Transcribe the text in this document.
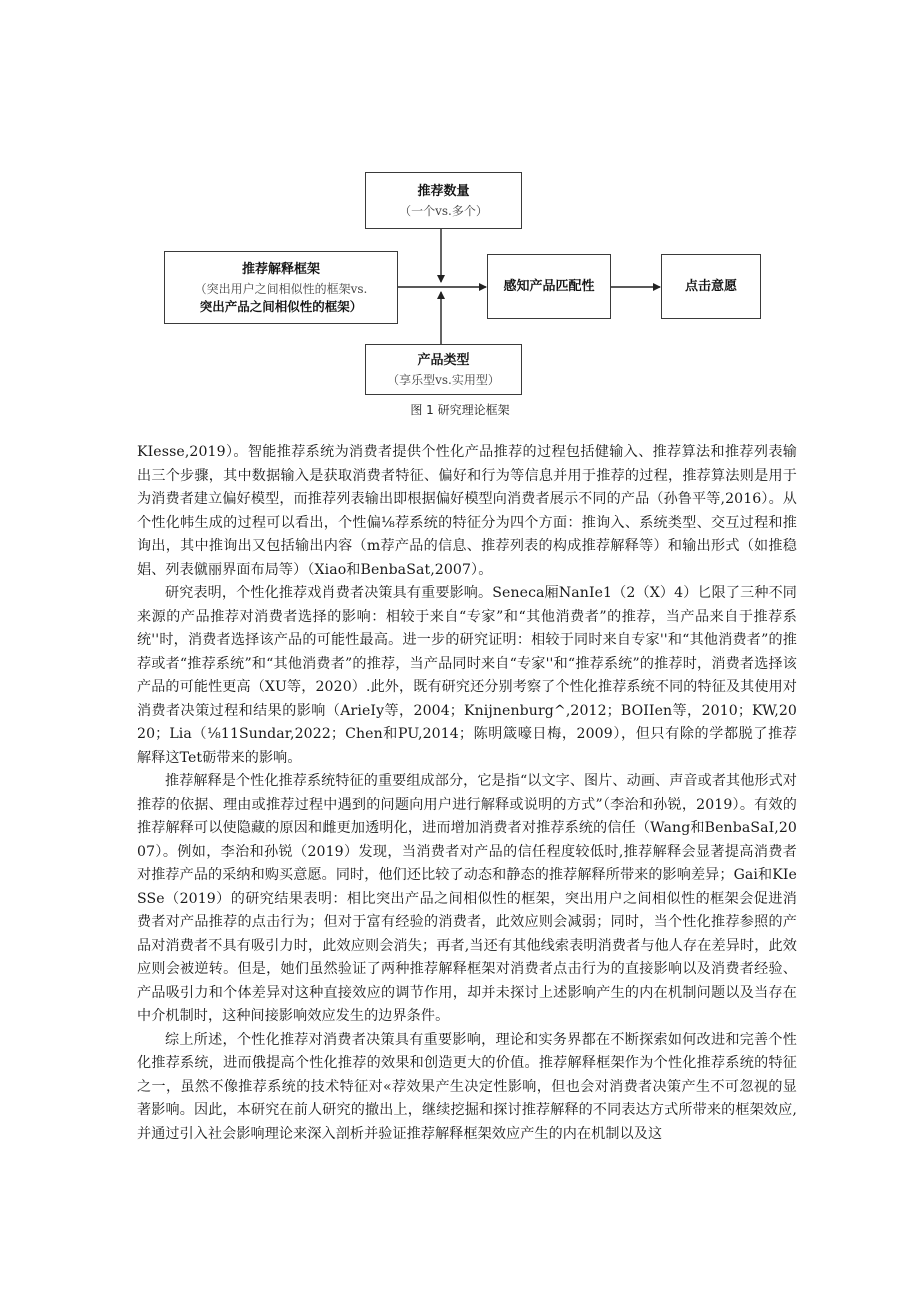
推荐数量
（一个vs.多个）
推荐解释框架
（突出用户之间相似性的框架vs.
突出产品之间相似性的框架）
感知产品匹配性	点击意愿
产品类型
（享乐型vs.实用型）
图 1 研究理论框架

KIesse,2019）。智能推荐系统为消费者提供个性化产品推荐的过程包括健输入、推荐算法和推荐列表输出三个步骤，其中数据输入是获取消费者特征、偏好和行为等信息并用于推荐的过程，推荐算法则是用于为消费者建立偏好模型，而推荐列表输出即根据偏好模型向消费者展示不同的产品（孙鲁平等,2016）。从个性化帏生成的过程可以看出，个性偏⅛荐系统的特征分为四个方面：推询入、系统类型、交互过程和推询出，其中推询出又包括输出内容（m荐产品的信息、推荐列表的构成推荐解释等）和输出形式（如推稳娼、列表僦丽界面布局等）（Xiao和BenbaSat,2007）。

研究表明，个性化推荐戏肖费者决策具有重要影响。Senecа厢NanIe1（2（X）4）匕限了三种不同来源的产品推荐对消费者选择的影响：相较于来自“专家”和“其他消费者”的推荐，当产品来自于推荐系统''时，消费者选择该产品的可能性最高。进一步的研究证明：相较于同时来自专家''和“其他消费者”的推荐或者“推荐系统”和“其他消费者”的推荐，当产品同时来自“专家''和“推荐系统”的推荐时，消费者选择该产品的可能性更高（XU等，2020）.此外，既有研究还分别考察了个性化推荐系统不同的特征及其使用对消费者决策过程和结果的影响（AriеIy等，2004；Knijnenburg^,2012；BOIIen等，2010；KW,2020；Lia（⅛11Sundar,2022；Chen和PU,2014；陈明箴嚎日梅，2009），但只有除的学都脱了推荐解释这Tet砺带来的影响。

推荐解释是个性化推荐系统特征的重要组成部分，它是指“以文字、图片、动画、声音或者其他形式对推荐的依据、理由或推荐过程中遇到的问题向用户进行解释或说明的方式”（李治和孙锐，2019）。有效的推荐解释可以使隐藏的原因和雌更加透明化，进而增加消费者对推荐系统的信任（Wang和BenbaSaI,2007）。例如，李治和孙锐（2019）发现，当消费者对产品的信任程度较低时,推荐解释会显著提高消费者对推荐产品的采纳和购买意愿。同时，他们还比较了动态和静态的推荐解释所带来的影响差异；Gai和KIeSSe（2019）的研究结果表明：相比突出产品之间相似性的框架，突出用户之间相似性的框架会促进消费者对产品推荐的点击行为；但对于富有经验的消费者，此效应则会减弱；同时，当个性化推荐参照的产品对消费者不具有吸引力时，此效应则会消失；再者,当还有其他线索表明消费者与他人存在差异时，此效应则会被逆转。但是，她们虽然验证了两种推荐解释框架对消费者点击行为的直接影响以及消费者经验、产品吸引力和个体差异对这种直接效应的调节作用，却并未探讨上述影响产生的内在机制问题以及当存在中介机制时，这种间接影响效应发生的边界条件。

综上所述，个性化推荐对消费者决策具有重要影响，理论和实务界都在不断探索如何改进和完善个性化推荐系统，进而俄提高个性化推荐的效果和创造更大的价值。推荐解释框架作为个性化推荐系统的特征之一，虽然不像推荐系统的技术特征对«荐效果产生决定性影响，但也会对消费者决策产生不可忽视的显著影响。因此，本研究在前人研究的撤出上，继续挖掘和探讨推荐解释的不同表达方式所带来的框架效应,并通过引入社会影响理论来深入剖析并验证推荐解释框架效应产生的内在机制以及这
